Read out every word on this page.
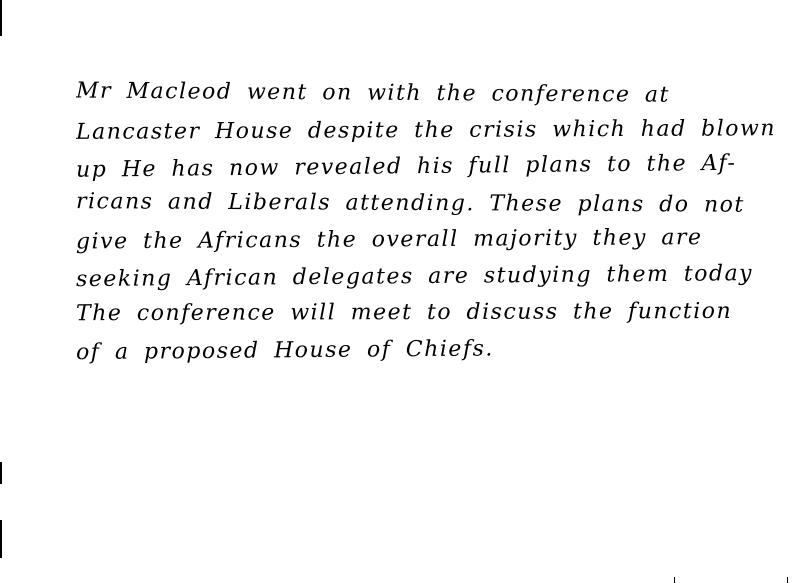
Mr Macleod went on with the conference at
Lancaster House despite the crisis which had blown
up He has now revealed his full plans to the Af-
ricans and Liberals attending. These plans do not
give the Africans the overall majority they are
seeking African delegates are studying them today
The conference will meet to discuss the function
of a proposed House of Chiefs.
